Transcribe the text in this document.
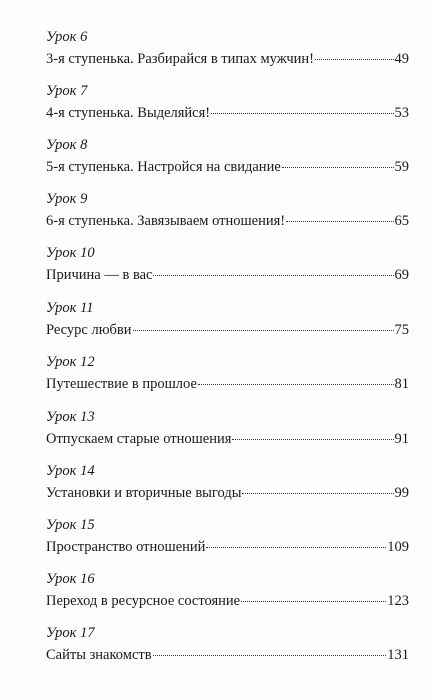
Урок 6
3-я ступенька. Разбирайся в типах мужчин!	49
Урок 7
4-я ступенька. Выделяйся!	53
Урок 8
5-я ступенька. Настройся на свидание	59
Урок 9
6-я ступенька. Завязываем отношения!	65
Урок 10
Причина — в вас	69
Урок 11
Ресурс любви	75
Урок 12
Путешествие в прошлое	81
Урок 13
Отпускаем старые отношения	91
Урок 14
Установки и вторичные выгоды	99
Урок 15
Пространство отношений	109
Урок 16
Переход в ресурсное состояние	123
Урок 17
Сайты знакомств	131
